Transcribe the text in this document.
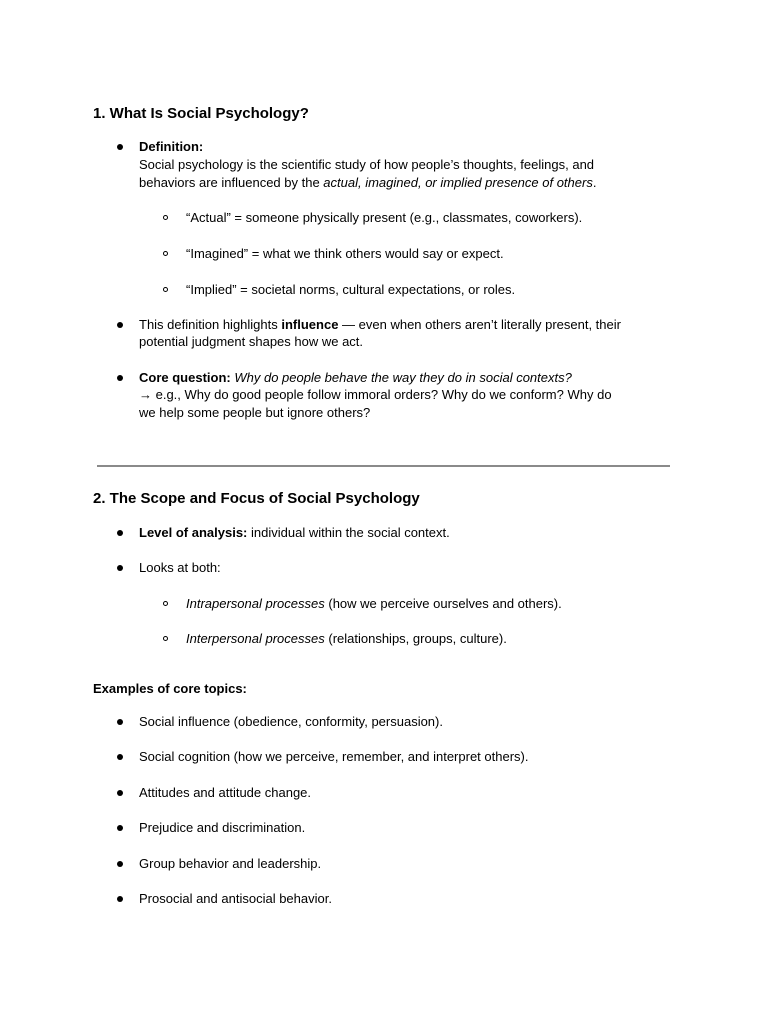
1. What Is Social Psychology?
Definition:
Social psychology is the scientific study of how people’s thoughts, feelings, and
behaviors are influenced by the actual, imagined, or implied presence of others.
“Actual” = someone physically present (e.g., classmates, coworkers).
“Imagined” = what we think others would say or expect.
“Implied” = societal norms, cultural expectations, or roles.
This definition highlights influence — even when others aren’t literally present, their
potential judgment shapes how we act.
Core question: Why do people behave the way they do in social contexts?
→ e.g., Why do good people follow immoral orders? Why do we conform? Why do
we help some people but ignore others?
2. The Scope and Focus of Social Psychology
Level of analysis: individual within the social context.
Looks at both:
Intrapersonal processes (how we perceive ourselves and others).
Interpersonal processes (relationships, groups, culture).
Examples of core topics:
Social influence (obedience, conformity, persuasion).
Social cognition (how we perceive, remember, and interpret others).
Attitudes and attitude change.
Prejudice and discrimination.
Group behavior and leadership.
Prosocial and antisocial behavior.
